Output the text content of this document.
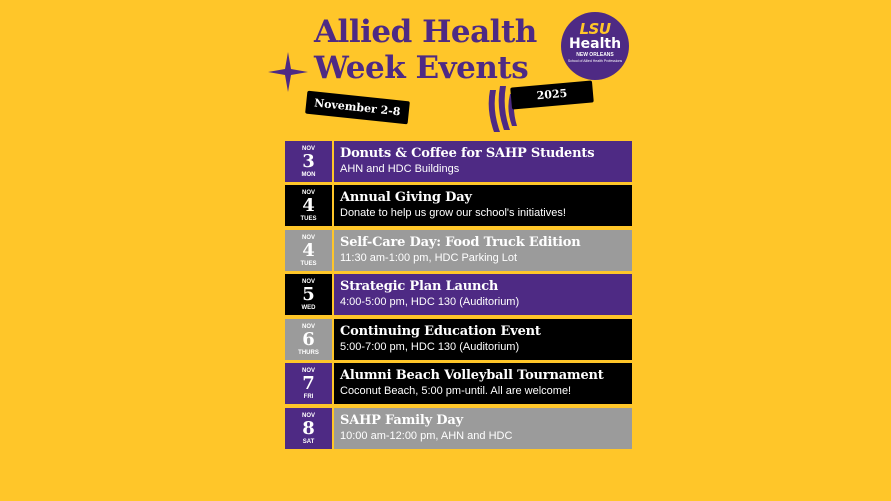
Allied Health
Week Events
LSU
Health
NEW ORLEANS
School of Allied Health Professions
November 2-8
2025
NOV
3
MON
Donuts & Coffee for SAHP Students
AHN and HDC Buildings
NOV
4
TUES
Annual Giving Day
Donate to help us grow our school's initiatives!
NOV
4
TUES
Self-Care Day: Food Truck Edition
11:30 am-1:00 pm, HDC Parking Lot
NOV
5
WED
Strategic Plan Launch
4:00-5:00 pm, HDC 130 (Auditorium)
NOV
6
THURS
Continuing Education Event
5:00-7:00 pm, HDC 130 (Auditorium)
NOV
7
FRI
Alumni Beach Volleyball Tournament
Coconut Beach, 5:00 pm-until. All are welcome!
NOV
8
SAT
SAHP Family Day
10:00 am-12:00 pm, AHN and HDC
